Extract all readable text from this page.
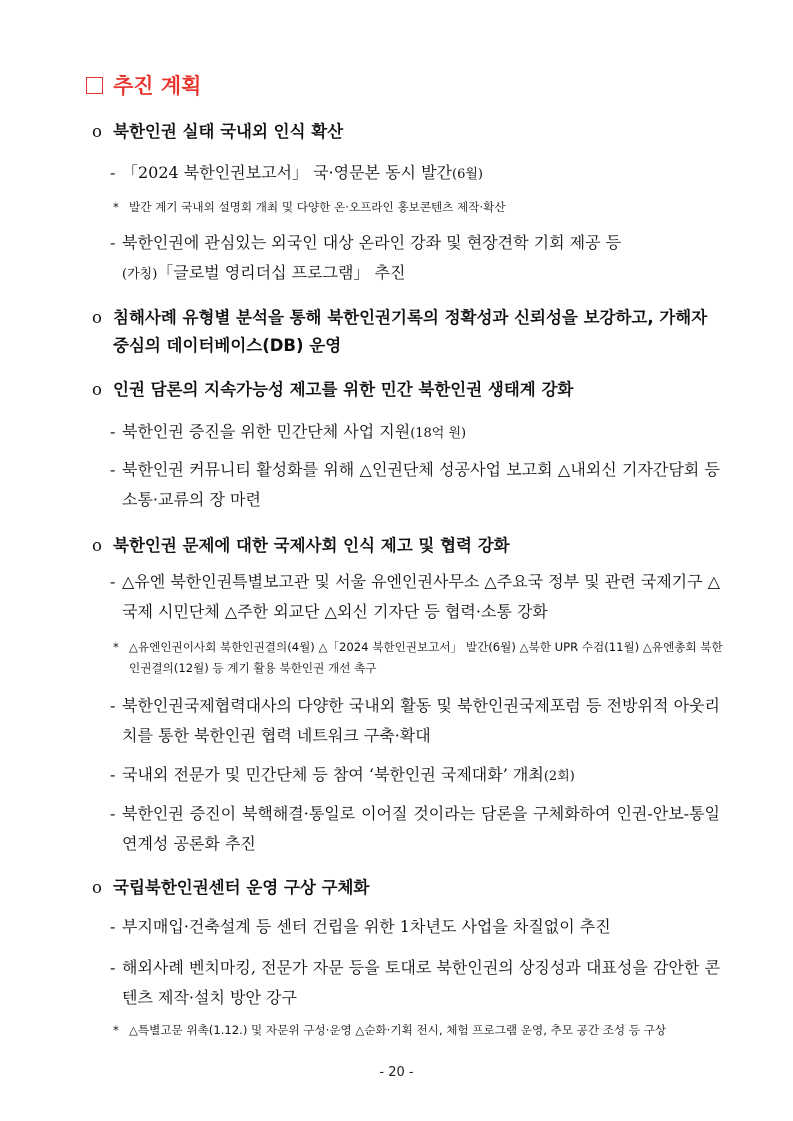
추진 계획
o 북한인권 실태 국내외 인식 확산
- 「2024 북한인권보고서」 국·영문본 동시 발간(6월)
* 발간 계기 국내외 설명회 개최 및 다양한 온·오프라인 홍보콘텐츠 제작·확산
- 북한인권에 관심있는 외국인 대상 온라인 강좌 및 현장견학 기회 제공 등
(가칭)「글로벌 영리더십 프로그램」 추진
o 침해사례 유형별 분석을 통해 북한인권기록의 정확성과 신뢰성을 보강하고, 가해자 중심의 데이터베이스(DB) 운영
o 인권 담론의 지속가능성 제고를 위한 민간 북한인권 생태계 강화
- 북한인권 증진을 위한 민간단체 사업 지원(18억 원)
- 북한인권 커뮤니티 활성화를 위해 △인권단체 성공사업 보고회 △내외신 기자간담회 등 소통·교류의 장 마련
o 북한인권 문제에 대한 국제사회 인식 제고 및 협력 강화
- △유엔 북한인권특별보고관 및 서울 유엔인권사무소 △주요국 정부 및 관련 국제기구 △국제 시민단체 △주한 외교단 △외신 기자단 등 협력·소통 강화
* △유엔인권이사회 북한인권결의(4월) △「2024 북한인권보고서」 발간(6월) △북한 UPR 수검(11월) △유엔총회 북한인권결의(12월) 등 계기 활용 북한인권 개선 촉구
- 북한인권국제협력대사의 다양한 국내외 활동 및 북한인권국제포럼 등 전방위적 아웃리치를 통한 북한인권 협력 네트워크 구축·확대
- 국내외 전문가 및 민간단체 등 참여 ‘북한인권 국제대화’ 개최(2회)
- 북한인권 증진이 북핵해결·통일로 이어질 것이라는 담론을 구체화하여 인권-안보-통일 연계성 공론화 추진
o 국립북한인권센터 운영 구상 구체화
- 부지매입·건축설계 등 센터 건립을 위한 1차년도 사업을 차질없이 추진
- 해외사례 벤치마킹, 전문가 자문 등을 토대로 북한인권의 상징성과 대표성을 감안한 콘텐츠 제작·설치 방안 강구
* △특별고문 위촉(1.12.) 및 자문위 구성·운영 △순화·기획 전시, 체험 프로그램 운영, 추모 공간 조성 등 구상
- 20 -
